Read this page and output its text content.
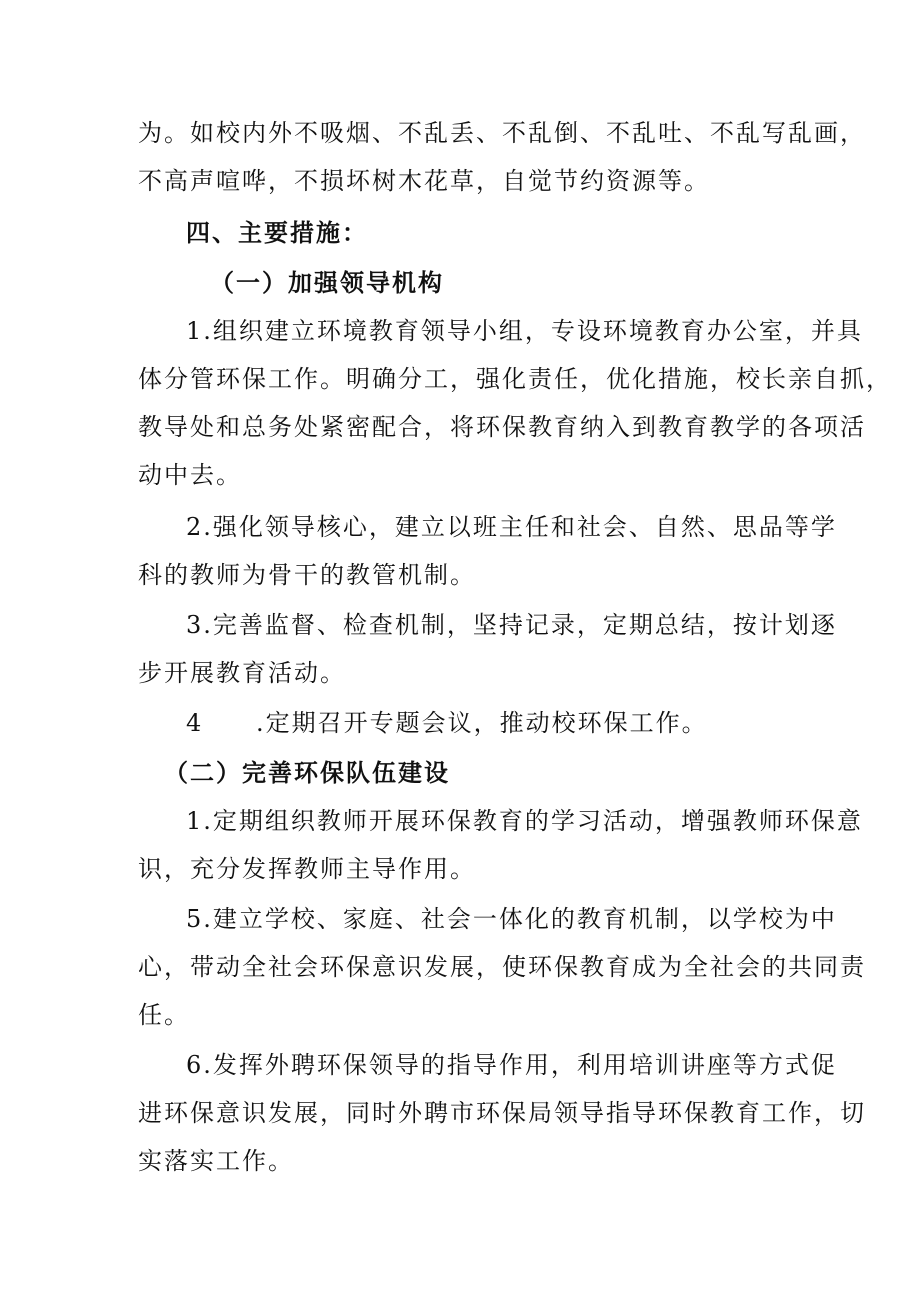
为。如校内外不吸烟、不乱丢、不乱倒、不乱吐、不乱写乱画，
不高声喧哗，不损坏树木花草，自觉节约资源等。
四、主要措施：
（一）加强领导机构
1.组织建立环境教育领导小组，专设环境教育办公室，并具
体分管环保工作。明确分工，强化责任，优化措施，校长亲自抓，
教导处和总务处紧密配合，将环保教育纳入到教育教学的各项活
动中去。
2.强化领导核心，建立以班主任和社会、自然、思品等学
科的教师为骨干的教管机制。
3.完善监督、检查机制，坚持记录，定期总结，按计划逐
步开展教育活动。
4 .定期召开专题会议，推动校环保工作。
（二）完善环保队伍建设
1.定期组织教师开展环保教育的学习活动，增强教师环保意
识，充分发挥教师主导作用。
5.建立学校、家庭、社会一体化的教育机制，以学校为中
心，带动全社会环保意识发展，使环保教育成为全社会的共同责
任。
6.发挥外聘环保领导的指导作用，利用培训讲座等方式促
进环保意识发展，同时外聘市环保局领导指导环保教育工作，切
实落实工作。
